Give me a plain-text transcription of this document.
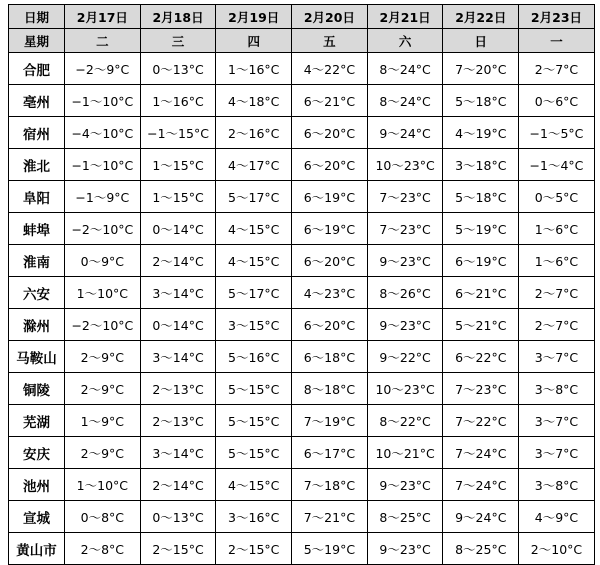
日期	2月17日	2月18日	2月19日	2月20日	2月21日	2月22日	2月23日
星期	二	三	四	五	六	日	一
合肥	−2～9°C	0～13°C	1～16°C	4～22°C	8～24°C	7～20°C	2～7°C
亳州	−1～10°C	1～16°C	4～18°C	6～21°C	8～24°C	5～18°C	0～6°C
宿州	−4～10°C	−1～15°C	2～16°C	6～20°C	9～24°C	4～19°C	−1～5°C
淮北	−1～10°C	1～15°C	4～17°C	6～20°C	10～23°C	3～18°C	−1～4°C
阜阳	−1～9°C	1～15°C	5～17°C	6～19°C	7～23°C	5～18°C	0～5°C
蚌埠	−2～10°C	0～14°C	4～15°C	6～19°C	7～23°C	5～19°C	1～6°C
淮南	0～9°C	2～14°C	4～15°C	6～20°C	9～23°C	6～19°C	1～6°C
六安	1～10°C	3～14°C	5～17°C	4～23°C	8～26°C	6～21°C	2～7°C
滁州	−2～10°C	0～14°C	3～15°C	6～20°C	9～23°C	5～21°C	2～7°C
马鞍山	2～9°C	3～14°C	5～16°C	6～18°C	9～22°C	6～22°C	3～7°C
铜陵	2～9°C	2～13°C	5～15°C	8～18°C	10～23°C	7～23°C	3～8°C
芜湖	1～9°C	2～13°C	5～15°C	7～19°C	8～22°C	7～22°C	3～7°C
安庆	2～9°C	3～14°C	5～15°C	6～17°C	10～21°C	7～24°C	3～7°C
池州	1～10°C	2～14°C	4～15°C	7～18°C	9～23°C	7～24°C	3～8°C
宣城	0～8°C	0～13°C	3～16°C	7～21°C	8～25°C	9～24°C	4～9°C
黄山市	2～8°C	2～15°C	2～15°C	5～19°C	9～23°C	8～25°C	2～10°C
